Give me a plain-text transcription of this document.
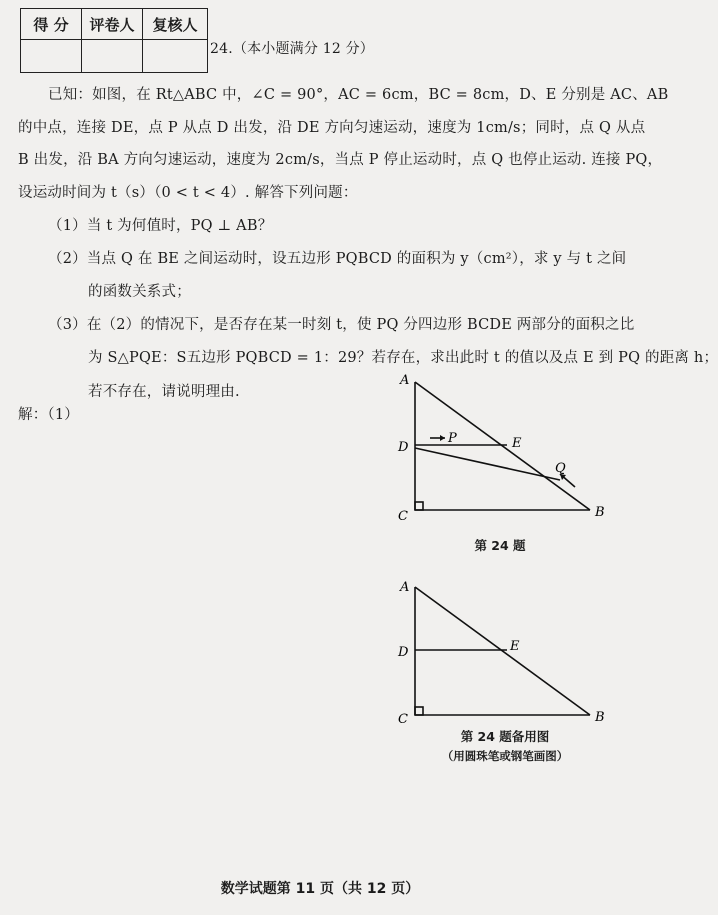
得 分	评卷人	复核人

24.（本小题满分 12 分）
已知：如图，在 Rt△ABC 中，∠C = 90°，AC = 6cm，BC = 8cm，D、E 分别是 AC、AB
的中点，连接 DE，点 P 从点 D 出发，沿 DE 方向匀速运动，速度为 1cm/s；同时，点 Q 从点
B 出发，沿 BA 方向匀速运动，速度为 2cm/s，当点 P 停止运动时，点 Q 也停止运动. 连接 PQ，
设运动时间为 t（s）（0 < t < 4）. 解答下列问题：
（1）当 t 为何值时，PQ ⊥ AB？
（2）当点 Q 在 BE 之间运动时，设五边形 PQBCD 的面积为 y（cm²），求 y 与 t 之间
的函数关系式；
（3）在（2）的情况下，是否存在某一时刻 t，使 PQ 分四边形 BCDE 两部分的面积之比
为 S△PQE：S五边形 PQBCD = 1：29？若存在，求出此时 t 的值以及点 E 到 PQ 的距离 h；
若不存在，请说明理由.
解：（1）
A
D
C	B
E
P
Q
第 24 题
A
D
C	B
E
第 24 题备用图
（用圆珠笔或钢笔画图）
数学试题第 11 页（共 12 页）
